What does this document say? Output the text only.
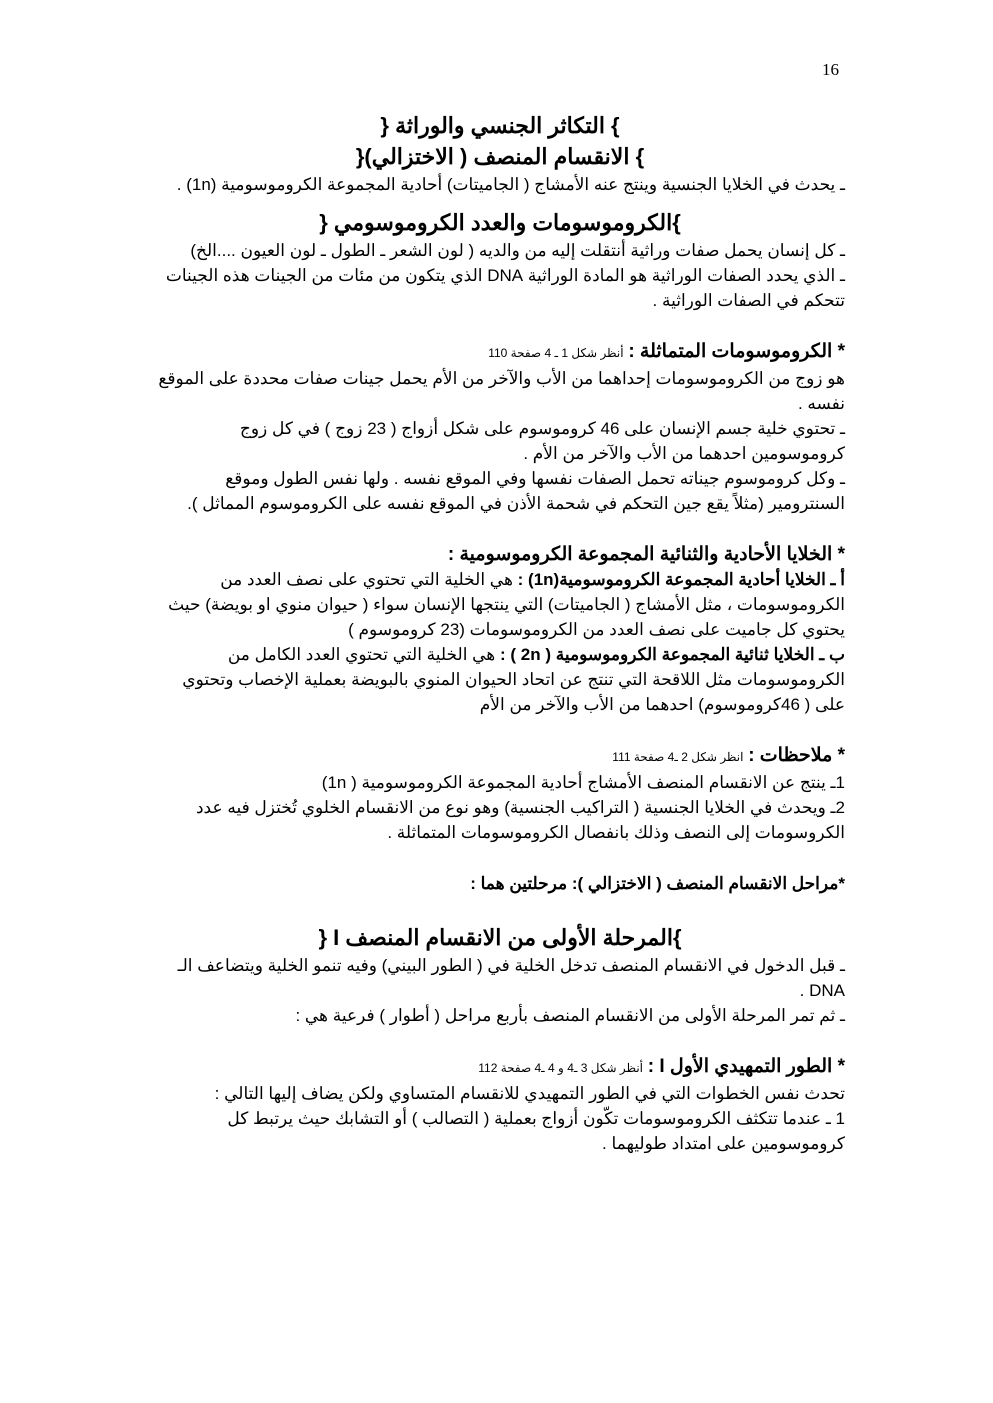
16

} التكاثر الجنسي والوراثة {

} الانقسام المنصف ( الاختزالي){

ـ يحدث في الخلايا الجنسية وينتج عنه الأمشاج ( الجاميتات) أحادية المجموعة الكروموسومية (1n) .

}الكروموسومات والعدد الكروموسومي {

ـ كل إنسان يحمل صفات وراثية أنتقلت إليه من والديه ( لون الشعر ـ الطول ـ لون العيون ....الخ)

ـ الذي يحدد الصفات الوراثية هو المادة الوراثية DNA الذي يتكون من مئات من الجينات هذه الجينات تتحكم في الصفات الوراثية .

* الكروموسومات المتماثلة : أنظر شكل 1 ـ 4 صفحة 110

هو زوج من الكروموسومات إحداهما من الأب والآخر من الأم يحمل جينات صفات محددة على الموقع نفسه .

ـ تحتوي خلية جسم الإنسان على 46 كروموسوم على شكل أزواج ( 23 زوج ) في كل زوج كروموسومين احدهما من الأب والآخر من الأم .

ـ وكل كروموسوم جيناته تحمل الصفات نفسها وفي الموقع نفسه . ولها نفس الطول وموقع السنترومير (مثلاً يقع جين التحكم في شحمة الأذن في الموقع نفسه على الكروموسوم المماثل ).

* الخلايا الأحادية والثنائية المجموعة الكروموسومية :

أ ـ الخلايا أحادية المجموعة الكروموسومية(1n) : هي الخلية التي تحتوي على نصف العدد من الكروموسومات ، مثل الأمشاج ( الجاميتات) التي ينتجها الإنسان سواء ( حيوان منوي او بويضة) حيث يحتوي كل جاميت على نصف العدد من الكروموسومات (23 كروموسوم )

ب ـ الخلايا ثنائية المجموعة الكروموسومية ( 2n ) : هي الخلية التي تحتوي العدد الكامل من الكروموسومات مثل اللاقحة التي تنتج عن اتحاد الحيوان المنوي بالبويضة بعملية الإخصاب وتحتوي على ( 46كروموسوم) احدهما من الأب والآخر من الأم

* ملاحظات : انظر شكل 2 ـ4 صفحة 111

1ـ ينتج عن الانقسام المنصف الأمشاج أحادية المجموعة الكروموسومية ( 1n)

2ـ ويحدث في الخلايا الجنسية ( التراكيب الجنسية) وهو نوع من الانقسام الخلوي تُختزل فيه عدد الكروسومات إلى النصف وذلك بانفصال الكروموسومات المتماثلة .

*مراحل الانقسام المنصف ( الاختزالي ): مرحلتين هما :

}المرحلة الأولى من الانقسام المنصف I {

ـ قبل الدخول في الانقسام المنصف تدخل الخلية في ( الطور البيني) وفيه تنمو الخلية ويتضاعف الـ DNA .

ـ ثم تمر المرحلة الأولى من الانقسام المنصف بأربع مراحل ( أطوار ) فرعية هي :

* الطور التمهيدي الأول I : أنظر شكل 3 ـ4 و 4 ـ4 صفحة 112

تحدث نفس الخطوات التي في الطور التمهيدي للانقسام المتساوي ولكن يضاف إليها التالي :

1 ـ عندما تتكثف الكروموسومات تكّون أزواج بعملية ( التصالب ) أو التشابك حيث يرتبط كل كروموسومين على امتداد طوليهما .
